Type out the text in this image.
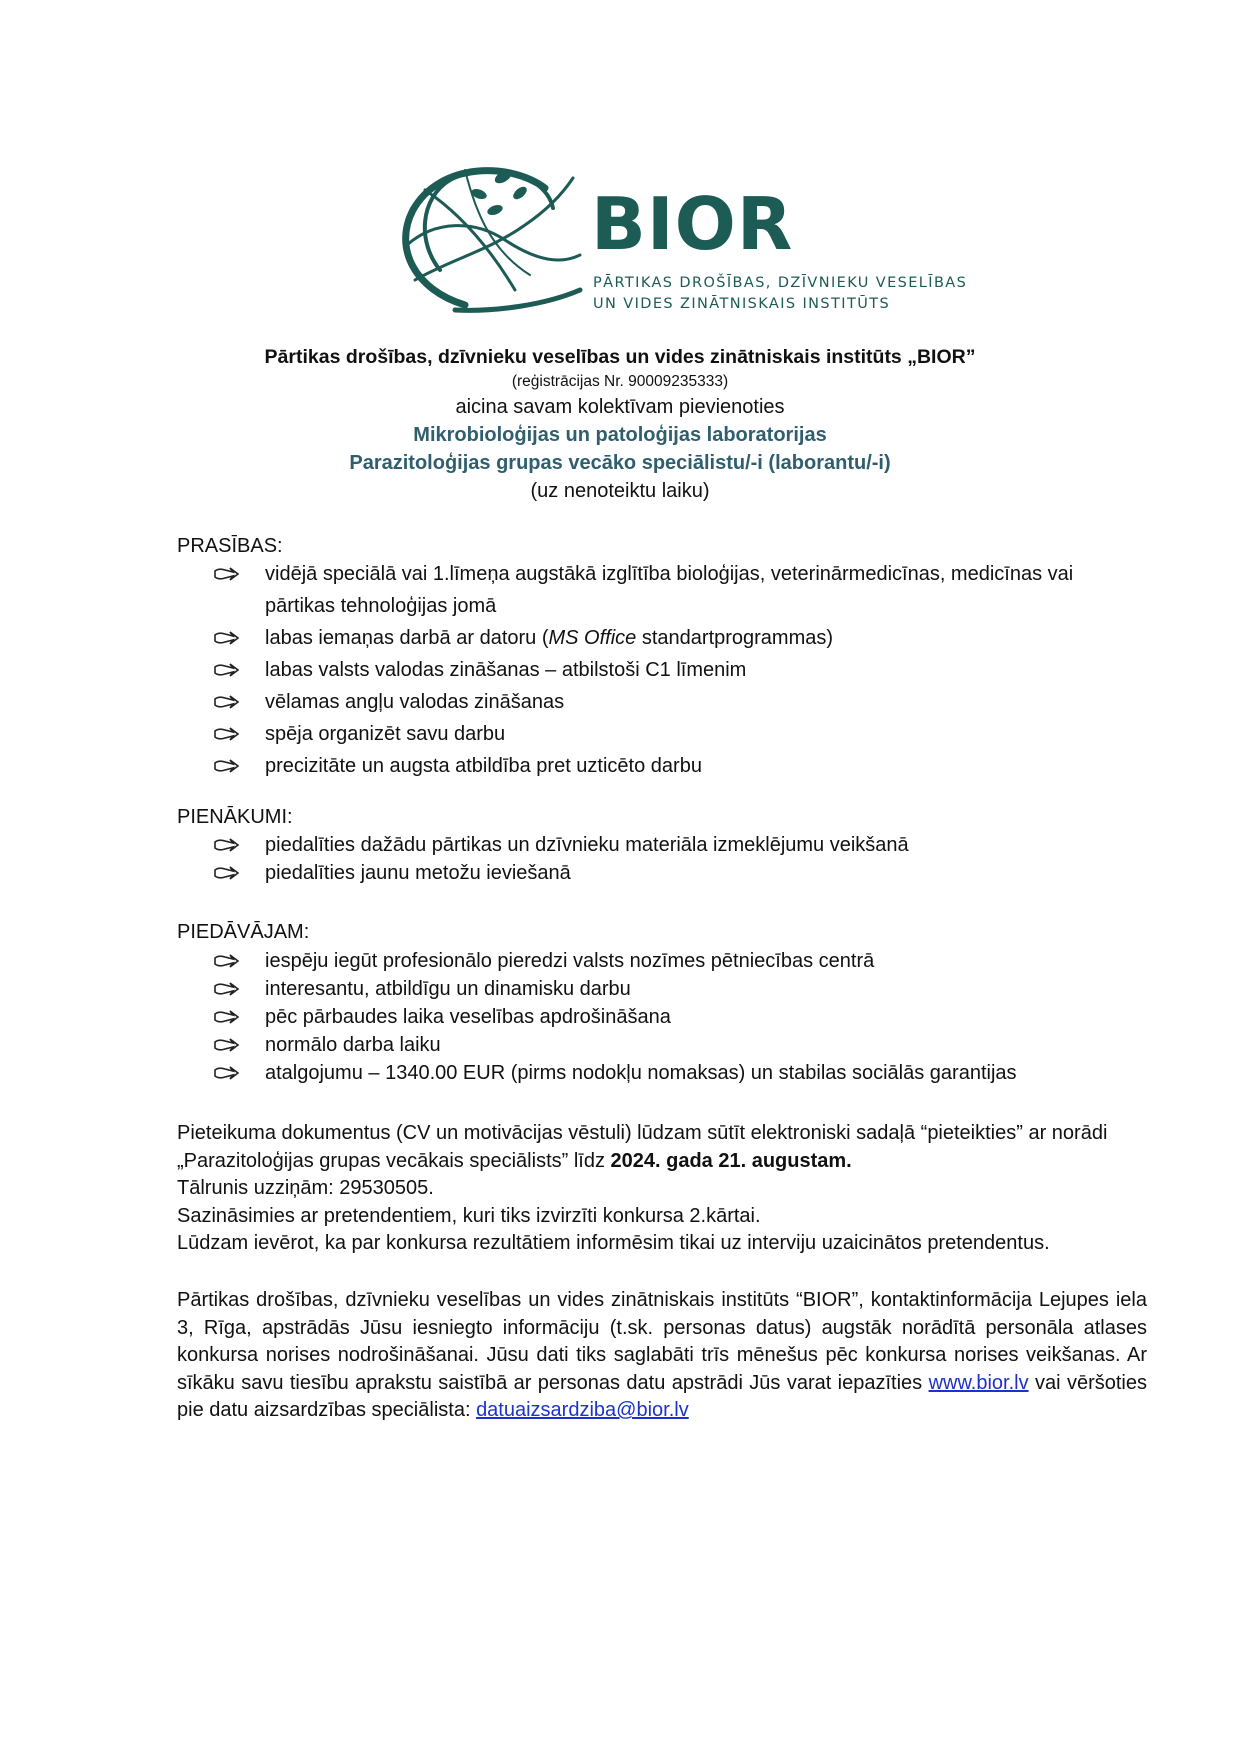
BIOR
PĀRTIKAS DROŠĪBAS, DZĪVNIEKU VESELĪBAS
UN VIDES ZINĀTNISKAIS INSTITŪTS
Pārtikas drošības, dzīvnieku veselības un vides zinātniskais institūts „BIOR”
(reģistrācijas Nr. 90009235333)
aicina savam kolektīvam pievienoties
Mikrobioloģijas un patoloģijas laboratorijas
Parazitoloģijas grupas vecāko speciālistu/-i (laborantu/-i)
(uz nenoteiktu laiku)
PRASĪBAS:
vidējā speciālā vai 1.līmeņa augstākā izglītība bioloģijas, veterinārmedicīnas, medicīnas vai pārtikas tehnoloģijas jomā
labas iemaņas darbā ar datoru (MS Office standartprogrammas)
labas valsts valodas zināšanas – atbilstoši C1 līmenim
vēlamas angļu valodas zināšanas
spēja organizēt savu darbu
precizitāte un augsta atbildība pret uzticēto darbu
PIENĀKUMI:
piedalīties dažādu pārtikas un dzīvnieku materiāla izmeklējumu veikšanā
piedalīties jaunu metožu ieviešanā
PIEDĀVĀJAM:
iespēju iegūt profesionālo pieredzi valsts nozīmes pētniecības centrā
interesantu, atbildīgu un dinamisku darbu
pēc pārbaudes laika veselības apdrošināšana
normālo darba laiku
atalgojumu – 1340.00 EUR (pirms nodokļu nomaksas) un stabilas sociālās garantijas
Pieteikuma dokumentus (CV un motivācijas vēstuli) lūdzam sūtīt elektroniski sadaļā “pieteikties” ar norādi „Parazitoloģijas grupas vecākais speciālists” līdz 2024. gada 21. augustam.
Tālrunis uzziņām: 29530505.
Sazināsimies ar pretendentiem, kuri tiks izvirzīti konkursa 2.kārtai.
Lūdzam ievērot, ka par konkursa rezultātiem informēsim tikai uz interviju uzaicinātos pretendentus.
Pārtikas drošības, dzīvnieku veselības un vides zinātniskais institūts “BIOR”, kontaktinformācija Lejupes iela 3, Rīga, apstrādās Jūsu iesniegto informāciju (t.sk. personas datus) augstāk norādītā personāla atlases konkursa norises nodrošināšanai. Jūsu dati tiks saglabāti trīs mēnešus pēc konkursa norises veikšanas. Ar sīkāku savu tiesību aprakstu saistībā ar personas datu apstrādi Jūs varat iepazīties www.bior.lv vai vēršoties pie datu aizsardzības speciālista: datuaizsardziba@bior.lv
